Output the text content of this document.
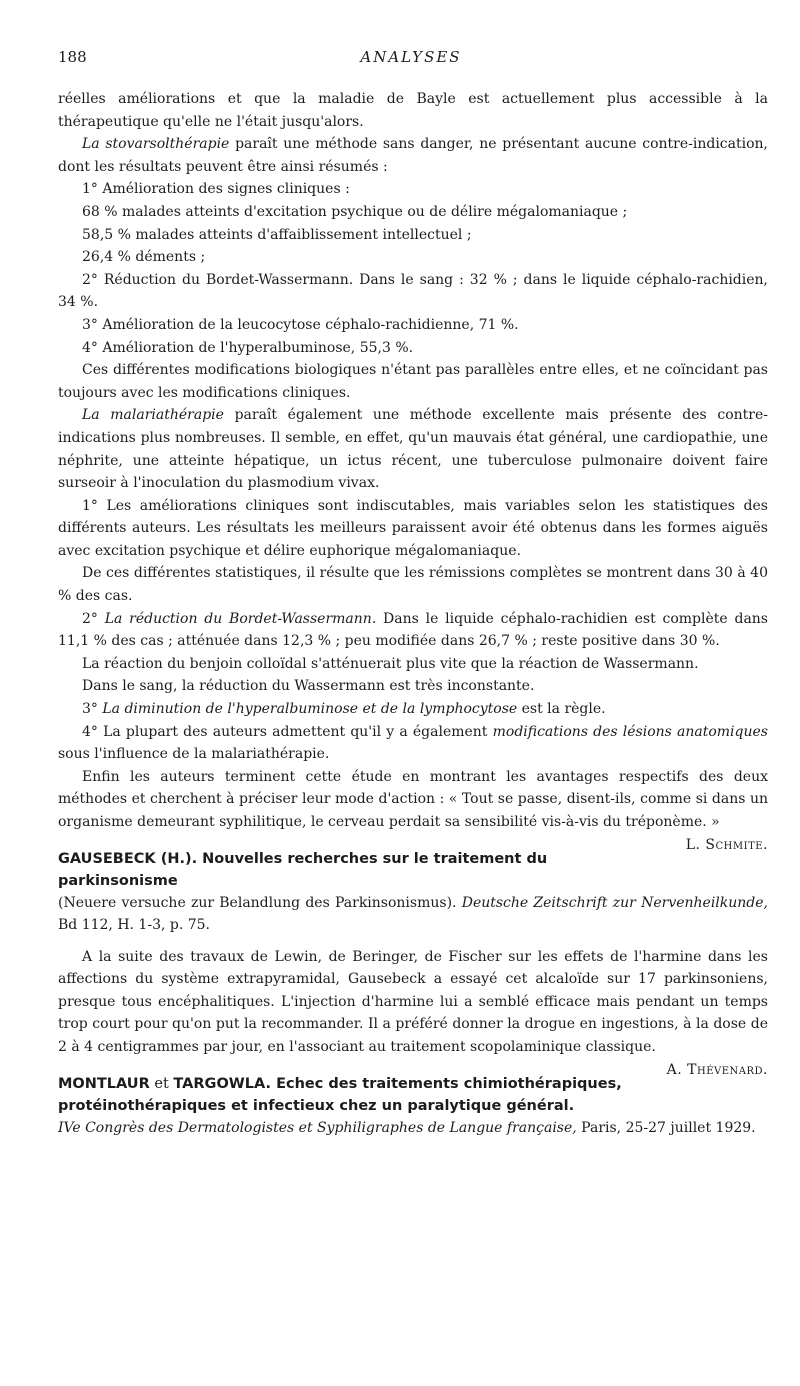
188	ANALYSES

réelles améliorations et que la maladie de Bayle est actuellement plus accessible à la thérapeutique qu'elle ne l'était jusqu'alors.

La stovarsolthérapie paraît une méthode sans danger, ne présentant aucune contre-indication, dont les résultats peuvent être ainsi résumés :

1° Amélioration des signes cliniques :

68 % malades atteints d'excitation psychique ou de délire mégalomaniaque ;

58,5 % malades atteints d'affaiblissement intellectuel ;

26,4 % déments ;

2° Réduction du Bordet-Wassermann. Dans le sang : 32 % ; dans le liquide céphalo-rachidien, 34 %.

3° Amélioration de la leucocytose céphalo-rachidienne, 71 %.

4° Amélioration de l'hyperalbuminose, 55,3 %.

Ces différentes modifications biologiques n'étant pas parallèles entre elles, et ne coïncidant pas toujours avec les modifications cliniques.

La malariathérapie paraît également une méthode excellente mais présente des contre-indications plus nombreuses. Il semble, en effet, qu'un mauvais état général, une cardiopathie, une néphrite, une atteinte hépatique, un ictus récent, une tuberculose pulmonaire doivent faire surseoir à l'inoculation du plasmodium vivax.

1° Les améliorations cliniques sont indiscutables, mais variables selon les statistiques des différents auteurs. Les résultats les meilleurs paraissent avoir été obtenus dans les formes aiguës avec excitation psychique et délire euphorique mégalomaniaque.

De ces différentes statistiques, il résulte que les rémissions complètes se montrent dans 30 à 40 % des cas.

2° La réduction du Bordet-Wassermann. Dans le liquide céphalo-rachidien est complète dans 11,1 % des cas ; atténuée dans 12,3 % ; peu modifiée dans 26,7 % ; reste positive dans 30 %.

La réaction du benjoin colloïdal s'atténuerait plus vite que la réaction de Wassermann.

Dans le sang, la réduction du Wassermann est très inconstante.

3° La diminution de l'hyperalbuminose et de la lymphocytose est la règle.

4° La plupart des auteurs admettent qu'il y a également modifications des lésions anatomiques sous l'influence de la malariathérapie.

Enfin les auteurs terminent cette étude en montrant les avantages respectifs des deux méthodes et cherchent à préciser leur mode d'action : « Tout se passe, disent-ils, comme si dans un organisme demeurant syphilitique, le cerveau perdait sa sensibilité vis-à-vis du tréponème. »
L. Schmite.

GAUSEBECK (H.). Nouvelles recherches sur le traitement du parkinsonisme

(Neuere versuche zur Belandlung des Parkinsonismus). Deutsche Zeitschrift zur Nervenheilkunde, Bd 112, H. 1-3, p. 75.

A la suite des travaux de Lewin, de Beringer, de Fischer sur les effets de l'harmine dans les affections du système extrapyramidal, Gausebeck a essayé cet alcaloïde sur 17 parkinsoniens, presque tous encéphalitiques. L'injection d'harmine lui a semblé efficace mais pendant un temps trop court pour qu'on put la recommander. Il a préféré donner la drogue en ingestions, à la dose de 2 à 4 centigrammes par jour, en l'associant au traitement scopolaminique classique.
A. Thévenard.

MONTLAUR et TARGOWLA. Echec des traitements chimiothérapiques, protéinothérapiques et infectieux chez un paralytique général.

IVe Congrès des Dermatologistes et Syphiligraphes de Langue française, Paris, 25-27 juillet 1929.
